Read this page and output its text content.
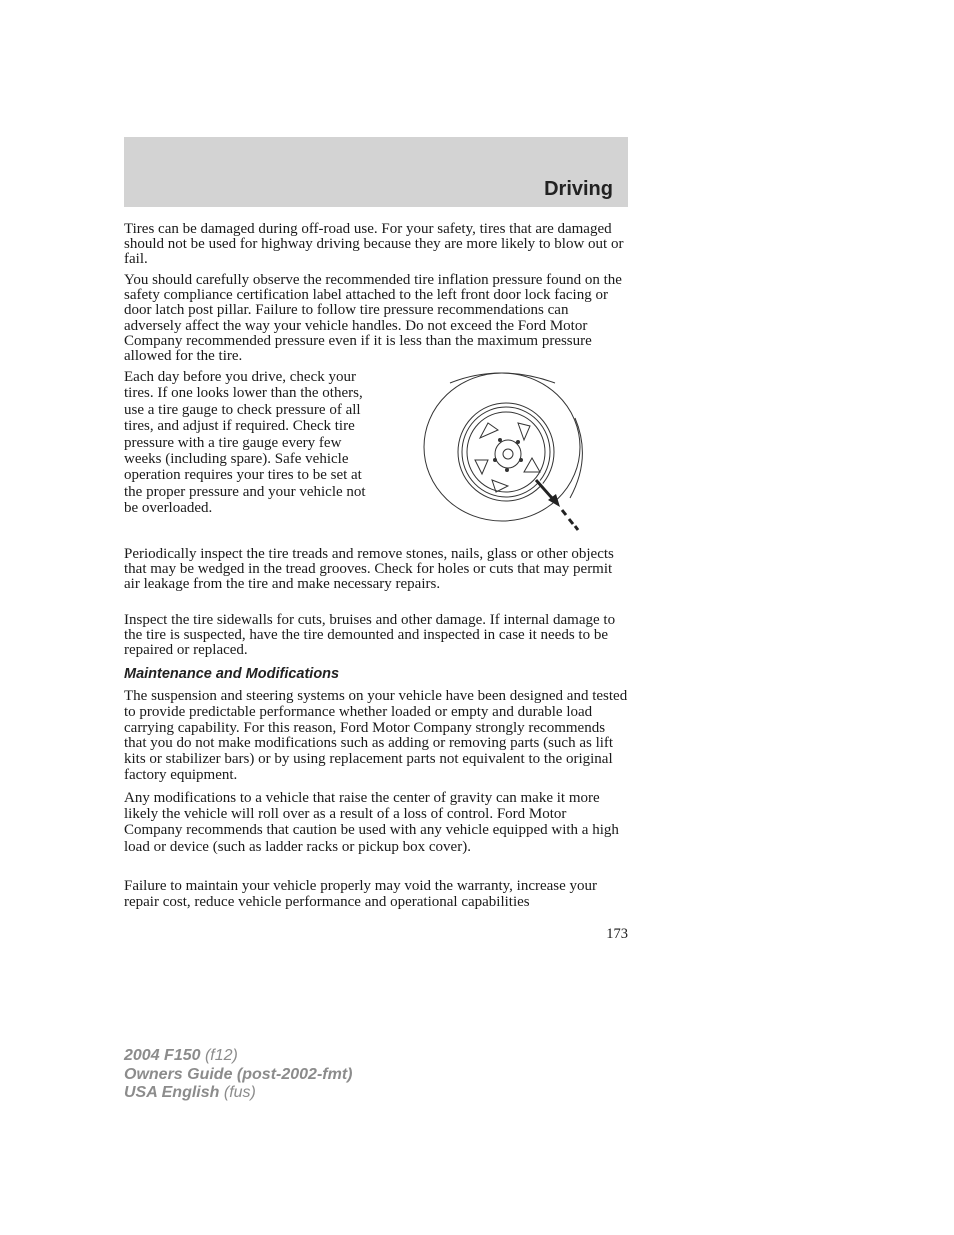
Driving

Tires can be damaged during off-road use. For your safety, tires that are damaged should not be used for highway driving because they are more likely to blow out or fail.

You should carefully observe the recommended tire inflation pressure found on the safety compliance certification label attached to the left front door lock facing or door latch post pillar. Failure to follow tire pressure recommendations can adversely affect the way your vehicle handles. Do not exceed the Ford Motor Company recommended pressure even if it is less than the maximum pressure allowed for the tire.

Each day before you drive, check your tires. If one looks lower than the others, use a tire gauge to check pressure of all tires, and adjust if required. Check tire pressure with a tire gauge every few weeks (including spare). Safe vehicle operation requires your tires to be set at the proper pressure and your vehicle not be overloaded.

Periodically inspect the tire treads and remove stones, nails, glass or other objects that may be wedged in the tread grooves. Check for holes or cuts that may permit air leakage from the tire and make necessary repairs.

Inspect the tire sidewalls for cuts, bruises and other damage. If internal damage to the tire is suspected, have the tire demounted and inspected in case it needs to be repaired or replaced.

Maintenance and Modifications

The suspension and steering systems on your vehicle have been designed and tested to provide predictable performance whether loaded or empty and durable load carrying capability. For this reason, Ford Motor Company strongly recommends that you do not make modifications such as adding or removing parts (such as lift kits or stabilizer bars) or by using replacement parts not equivalent to the original factory equipment.

Any modifications to a vehicle that raise the center of gravity can make it more likely the vehicle will roll over as a result of a loss of control. Ford Motor Company recommends that caution be used with any vehicle equipped with a high load or device (such as ladder racks or pickup box cover).

Failure to maintain your vehicle properly may void the warranty, increase your repair cost, reduce vehicle performance and operational capabilities

173

2004 F150 (f12)
Owners Guide (post-2002-fmt)
USA English (fus)
